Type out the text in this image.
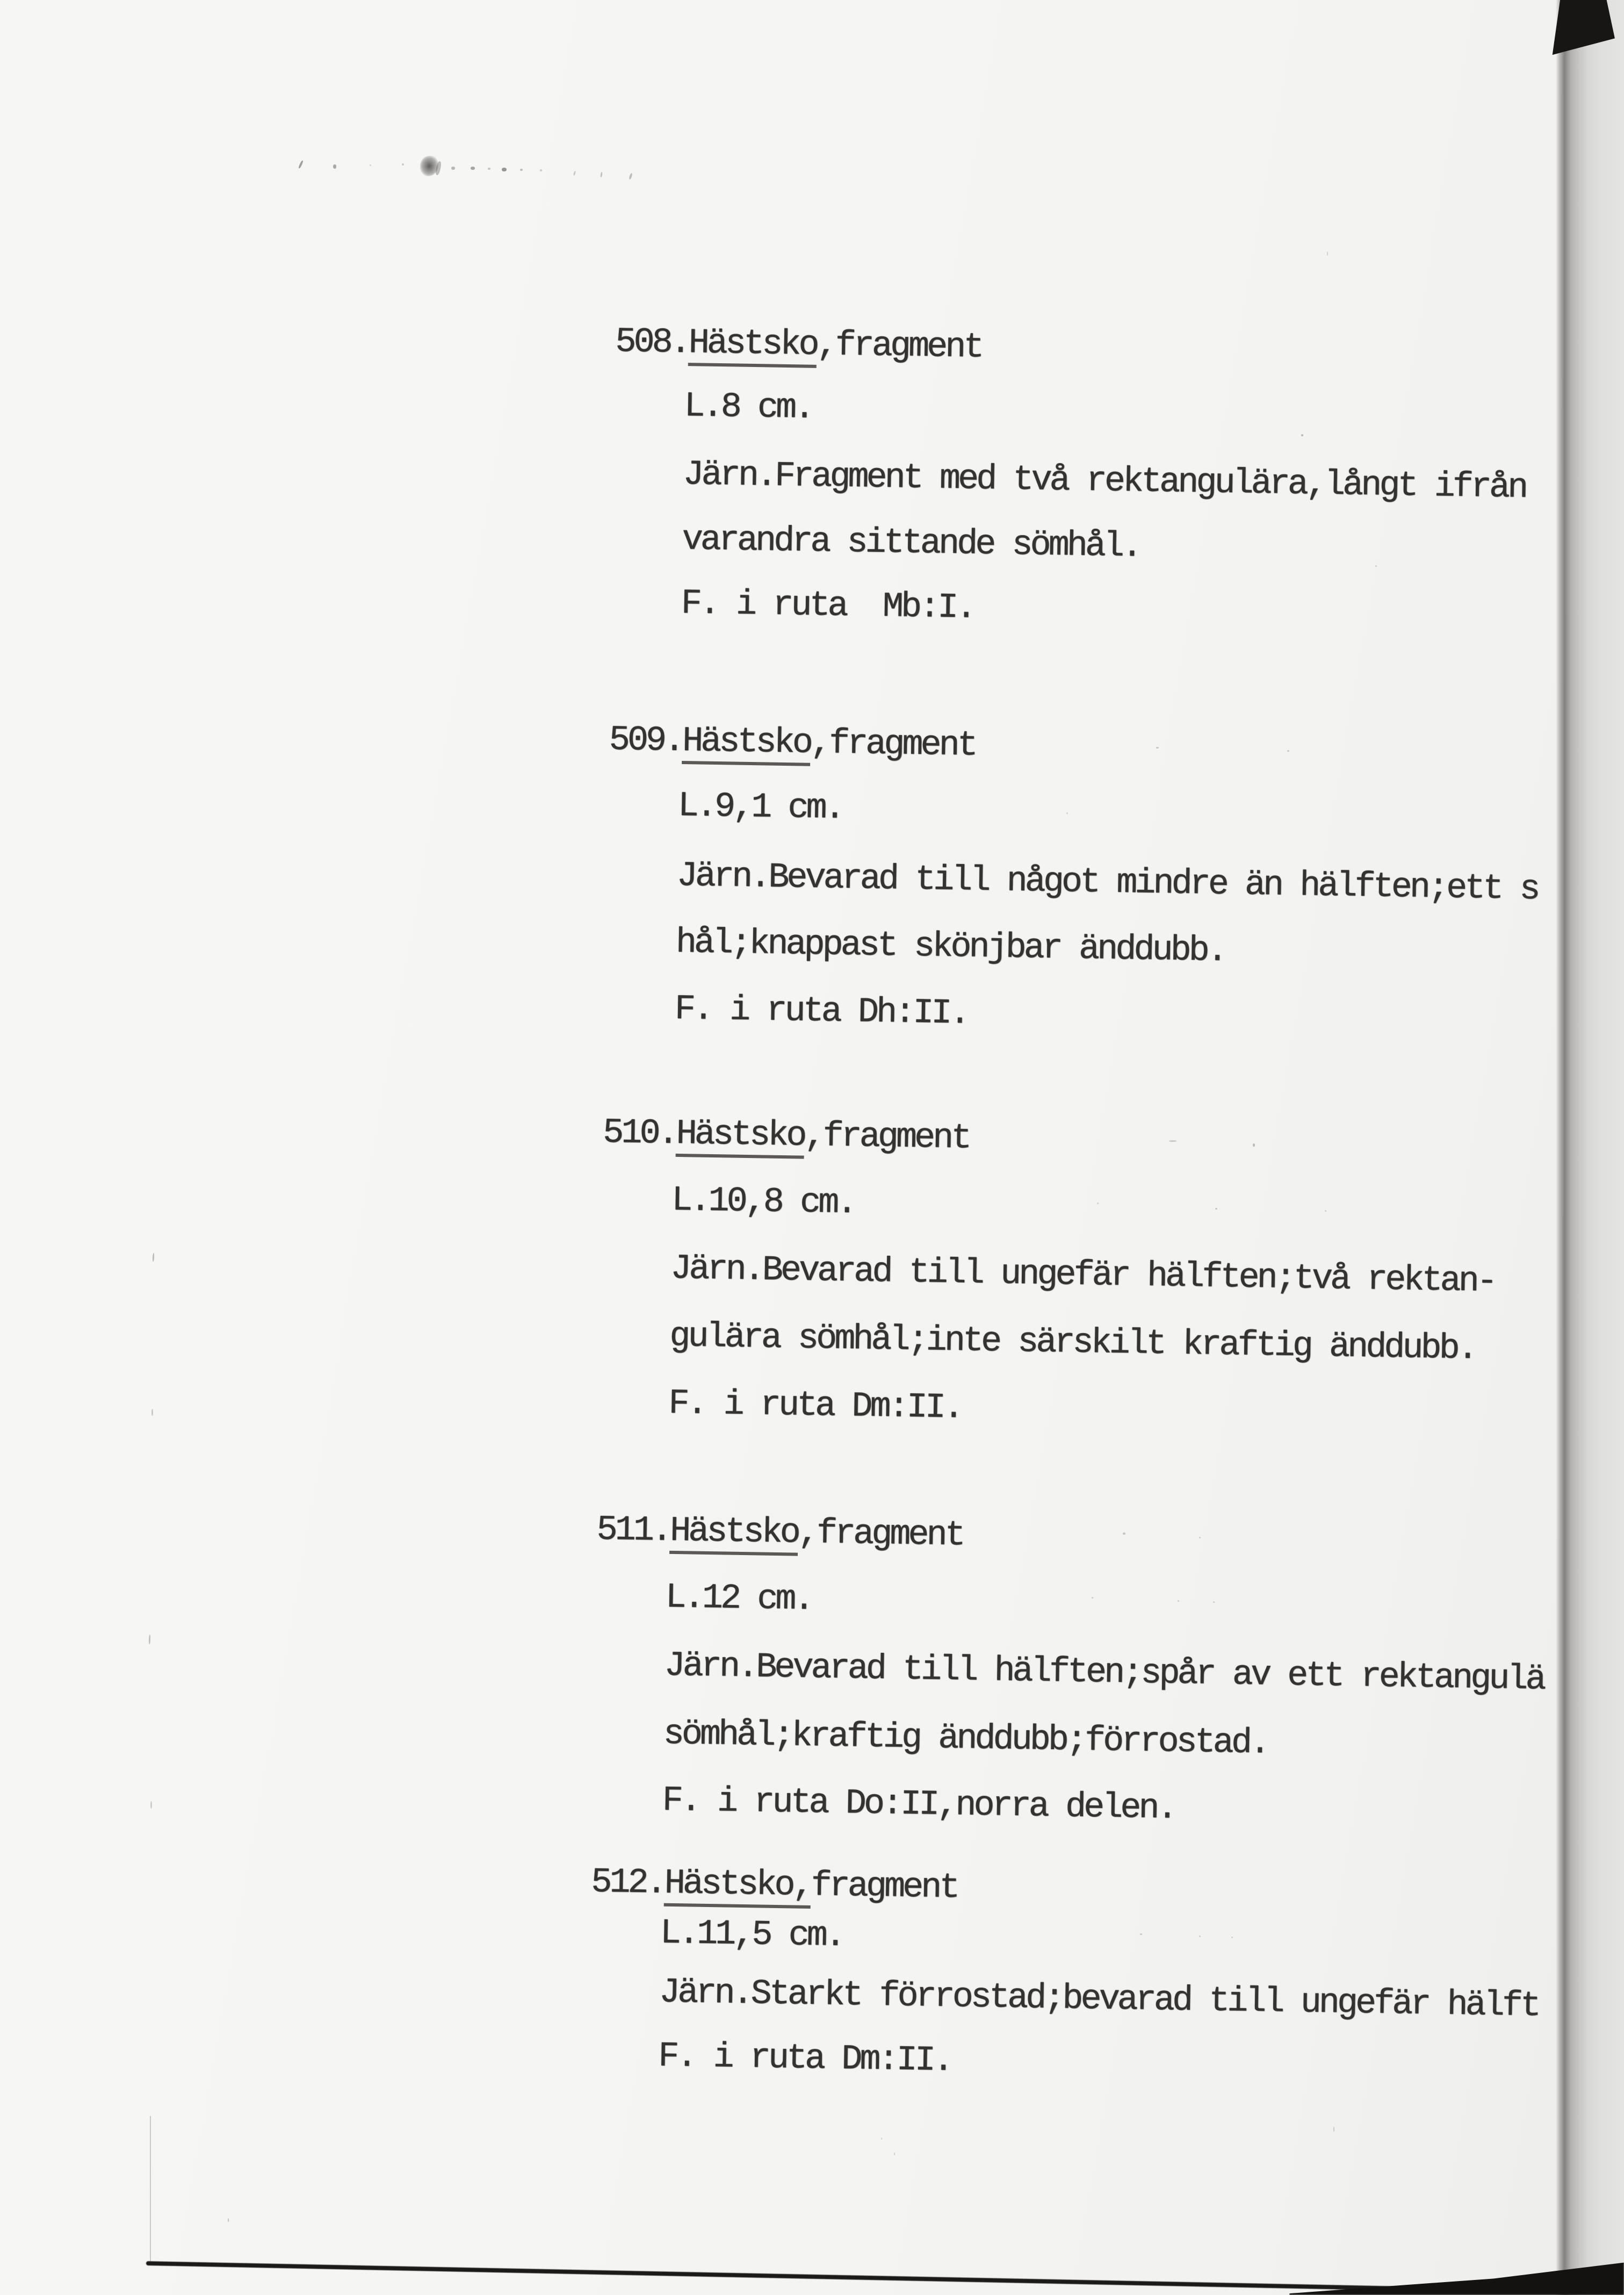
508.Hästsko,fragment
L.8 cm.
Järn.Fragment med två rektangulära,långt ifrån
varandra sittande sömhål.
F. i ruta  Mb:I.
509.Hästsko,fragment
L.9,1 cm.
Järn.Bevarad till något mindre än hälften;ett s
hål;knappast skönjbar änddubb.
F. i ruta Dh:II.
510.Hästsko,fragment
L.10,8 cm.
Järn.Bevarad till ungefär hälften;två rektan-
gulära sömhål;inte särskilt kraftig änddubb.
F. i ruta Dm:II.
511.Hästsko,fragment
L.12 cm.
Järn.Bevarad till hälften;spår av ett rektangulä
sömhål;kraftig änddubb;förrostad.
F. i ruta Do:II,norra delen.
512.Hästsko,fragment
L.11,5 cm.
Järn.Starkt förrostad;bevarad till ungefär hälft
F. i ruta Dm:II.
